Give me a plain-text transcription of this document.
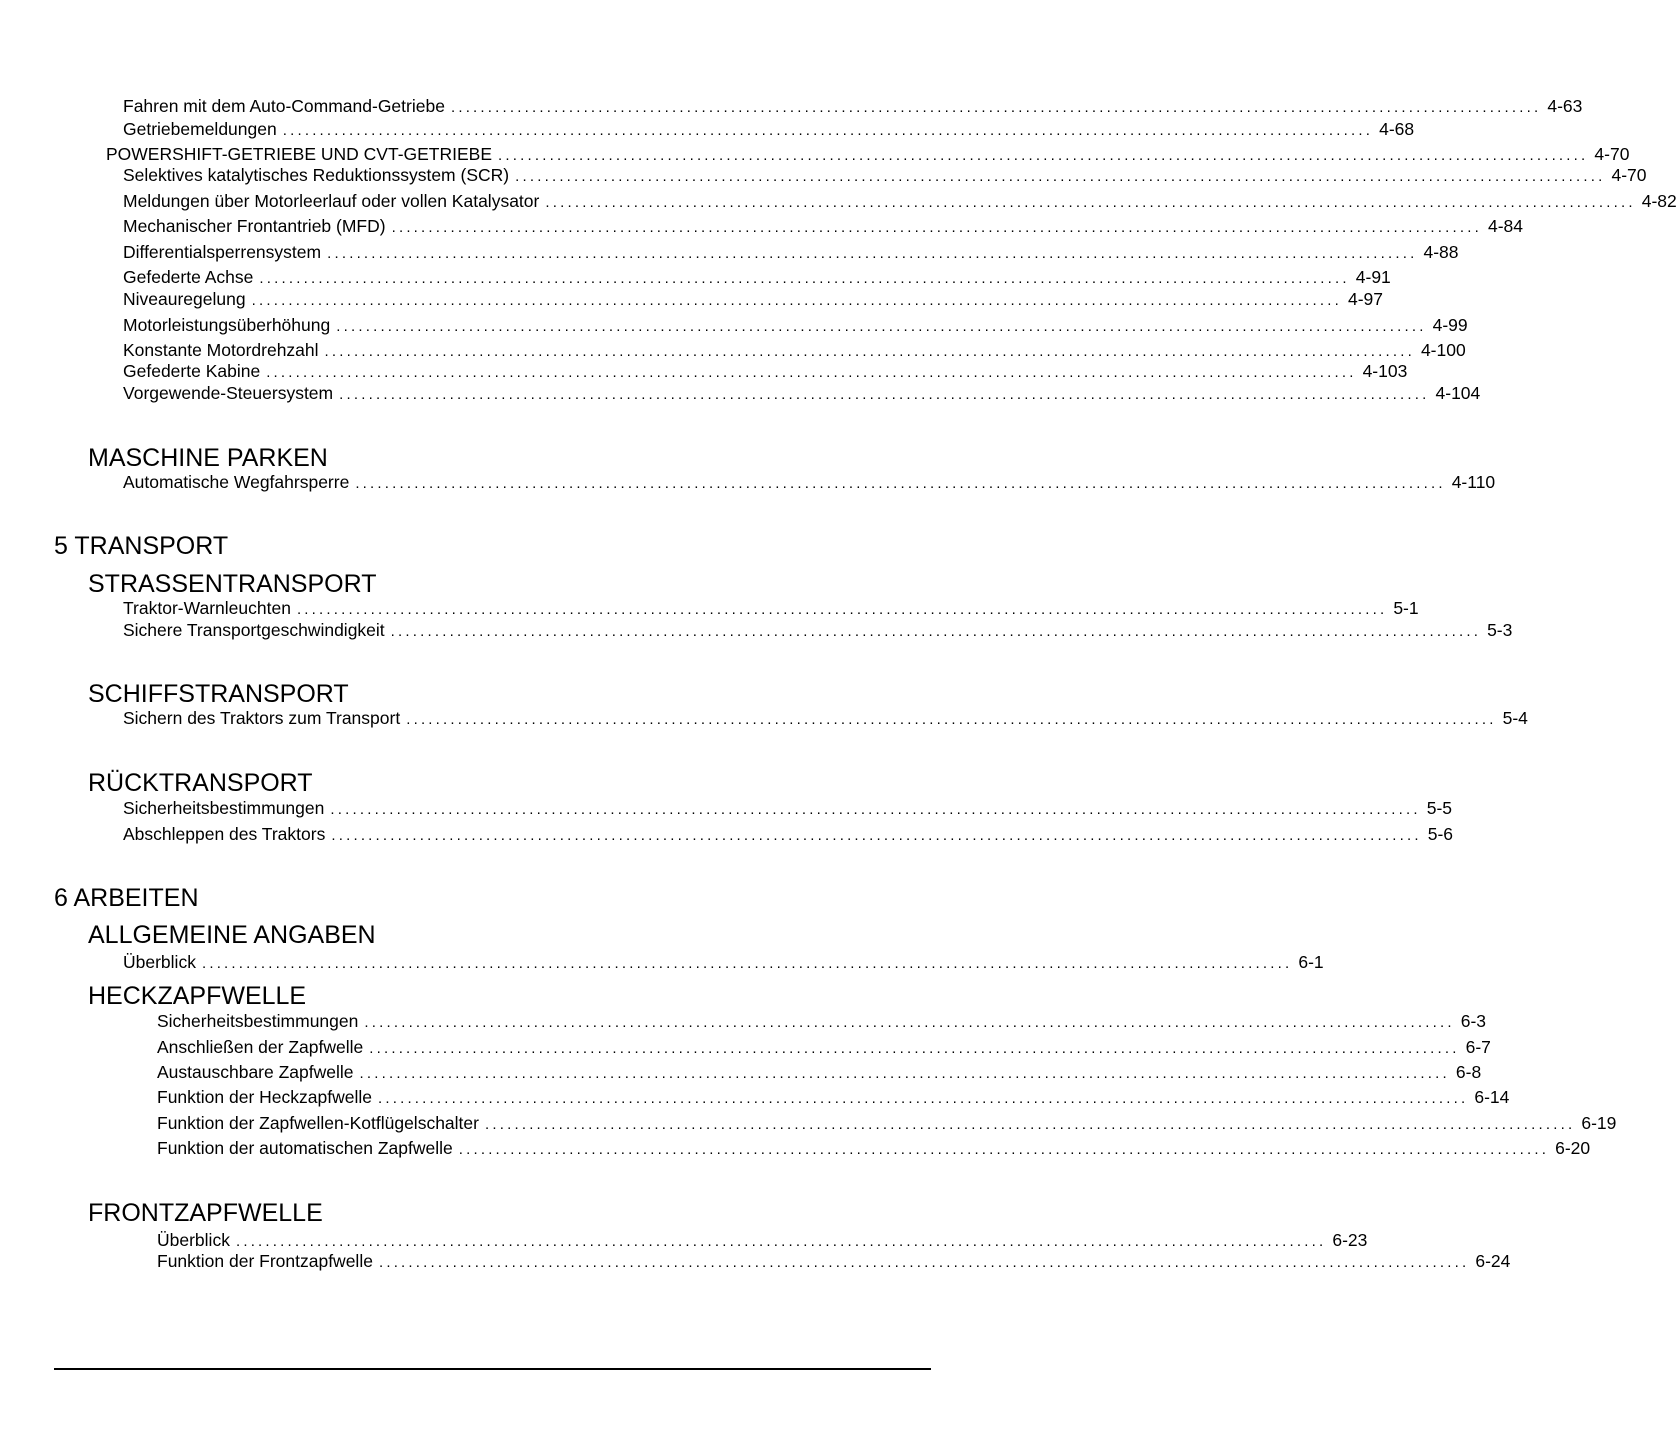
Fahren mit dem Auto-Command-Getriebe .................................................................................................................................................... 4-63
Getriebemeldungen .................................................................................................................................................... 4-68
POWERSHIFT-GETRIEBE UND CVT-GETRIEBE .................................................................................................................................................... 4-70
Selektives katalytisches Reduktionssystem (SCR) .................................................................................................................................................... 4-70
Meldungen über Motorleerlauf oder vollen Katalysator .................................................................................................................................................... 4-82
Mechanischer Frontantrieb (MFD) .................................................................................................................................................... 4-84
Differentialsperrensystem .................................................................................................................................................... 4-88
Gefederte Achse .................................................................................................................................................... 4-91
Niveauregelung .................................................................................................................................................... 4-97
Motorleistungsüberhöhung .................................................................................................................................................... 4-99
Konstante Motordrehzahl .................................................................................................................................................... 4-100
Gefederte Kabine .................................................................................................................................................... 4-103
Vorgewende-Steuersystem .................................................................................................................................................... 4-104
MASCHINE PARKEN
Automatische Wegfahrsperre .................................................................................................................................................... 4-110
5 TRANSPORT
STRASSENTRANSPORT
Traktor-Warnleuchten .................................................................................................................................................... 5-1
Sichere Transportgeschwindigkeit .................................................................................................................................................... 5-3
SCHIFFSTRANSPORT
Sichern des Traktors zum Transport .................................................................................................................................................... 5-4
RÜCKTRANSPORT
Sicherheitsbestimmungen .................................................................................................................................................... 5-5
Abschleppen des Traktors .................................................................................................................................................... 5-6
6 ARBEITEN
ALLGEMEINE ANGABEN
Überblick .................................................................................................................................................... 6-1
HECKZAPFWELLE
Sicherheitsbestimmungen .................................................................................................................................................... 6-3
Anschließen der Zapfwelle .................................................................................................................................................... 6-7
Austauschbare Zapfwelle .................................................................................................................................................... 6-8
Funktion der Heckzapfwelle .................................................................................................................................................... 6-14
Funktion der Zapfwellen-Kotflügelschalter .................................................................................................................................................... 6-19
Funktion der automatischen Zapfwelle .................................................................................................................................................... 6-20
FRONTZAPFWELLE
Überblick .................................................................................................................................................... 6-23
Funktion der Frontzapfwelle .................................................................................................................................................... 6-24
